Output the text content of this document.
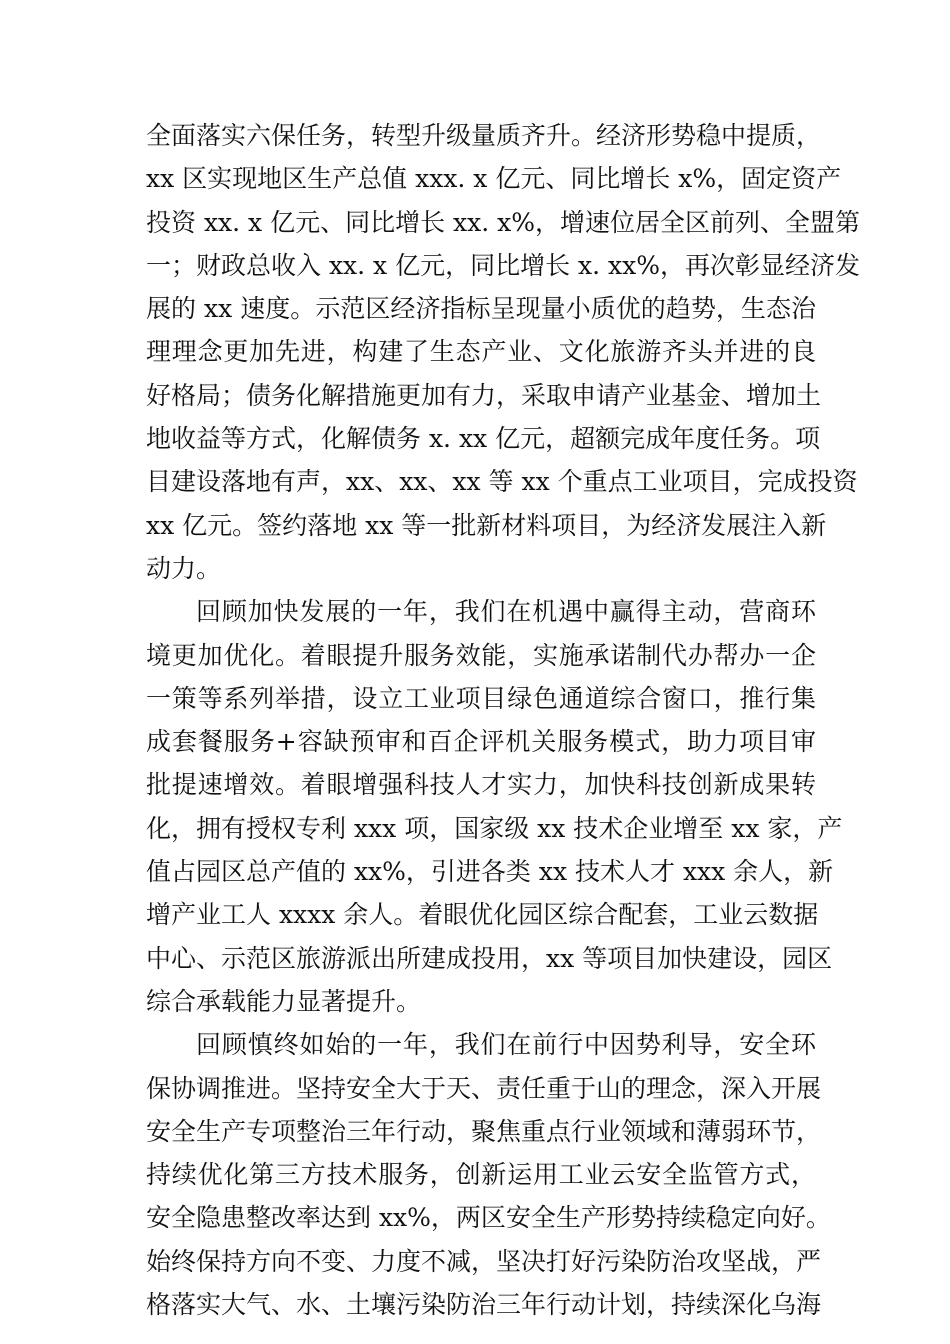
全面落实六保任务，转型升级量质齐升。经济形势稳中提质，
xx 区实现地区生产总值 xxx. x 亿元、同比增长 x%，固定资产
投资 xx. x 亿元、同比增长 xx. x%，增速位居全区前列、全盟第
一；财政总收入 xx. x 亿元，同比增长 x. xx%，再次彰显经济发
展的 xx 速度。示范区经济指标呈现量小质优的趋势，生态治
理理念更加先进，构建了生态产业、文化旅游齐头并进的良
好格局；债务化解措施更加有力，采取申请产业基金、增加土
地收益等方式，化解债务 x. xx 亿元，超额完成年度任务。项
目建设落地有声，xx、xx、xx 等 xx 个重点工业项目，完成投资
xx 亿元。签约落地 xx 等一批新材料项目，为经济发展注入新
动力。
回顾加快发展的一年，我们在机遇中赢得主动，营商环
境更加优化。着眼提升服务效能，实施承诺制代办帮办一企
一策等系列举措，设立工业项目绿色通道综合窗口，推行集
成套餐服务+容缺预审和百企评机关服务模式，助力项目审
批提速增效。着眼增强科技人才实力，加快科技创新成果转
化，拥有授权专利 xxx 项，国家级 xx 技术企业增至 xx 家，产
值占园区总产值的 xx%，引进各类 xx 技术人才 xxx 余人，新
增产业工人 xxxx 余人。着眼优化园区综合配套，工业云数据
中心、示范区旅游派出所建成投用，xx 等项目加快建设，园区
综合承载能力显著提升。
回顾慎终如始的一年，我们在前行中因势利导，安全环
保协调推进。坚持安全大于天、责任重于山的理念，深入开展
安全生产专项整治三年行动，聚焦重点行业领域和薄弱环节，
持续优化第三方技术服务，创新运用工业云安全监管方式，
安全隐患整改率达到 xx%，两区安全生产形势持续稳定向好。
始终保持方向不变、力度不减，坚决打好污染防治攻坚战，严
格落实大气、水、土壤污染防治三年行动计划，持续深化乌海
